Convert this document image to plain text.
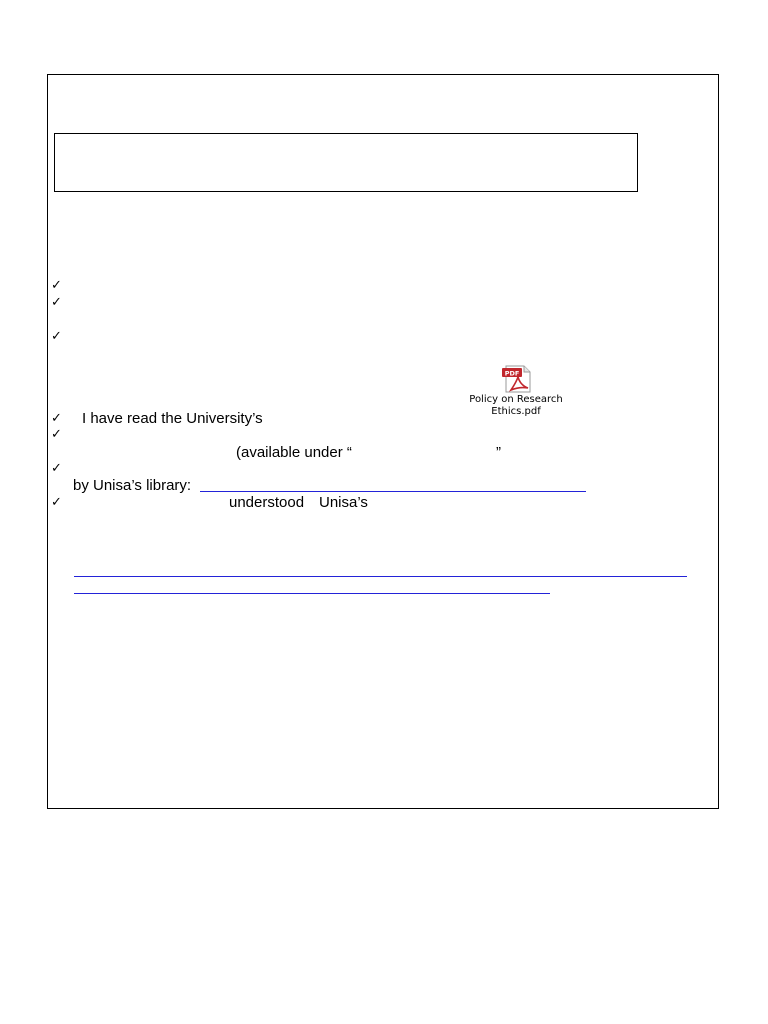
✓
✓
✓
✓
✓
✓
✓
I have read the University’s
(available under “	”
by Unisa’s library:
understood Unisa’s
PDF
Policy on Research
Ethics.pdf
